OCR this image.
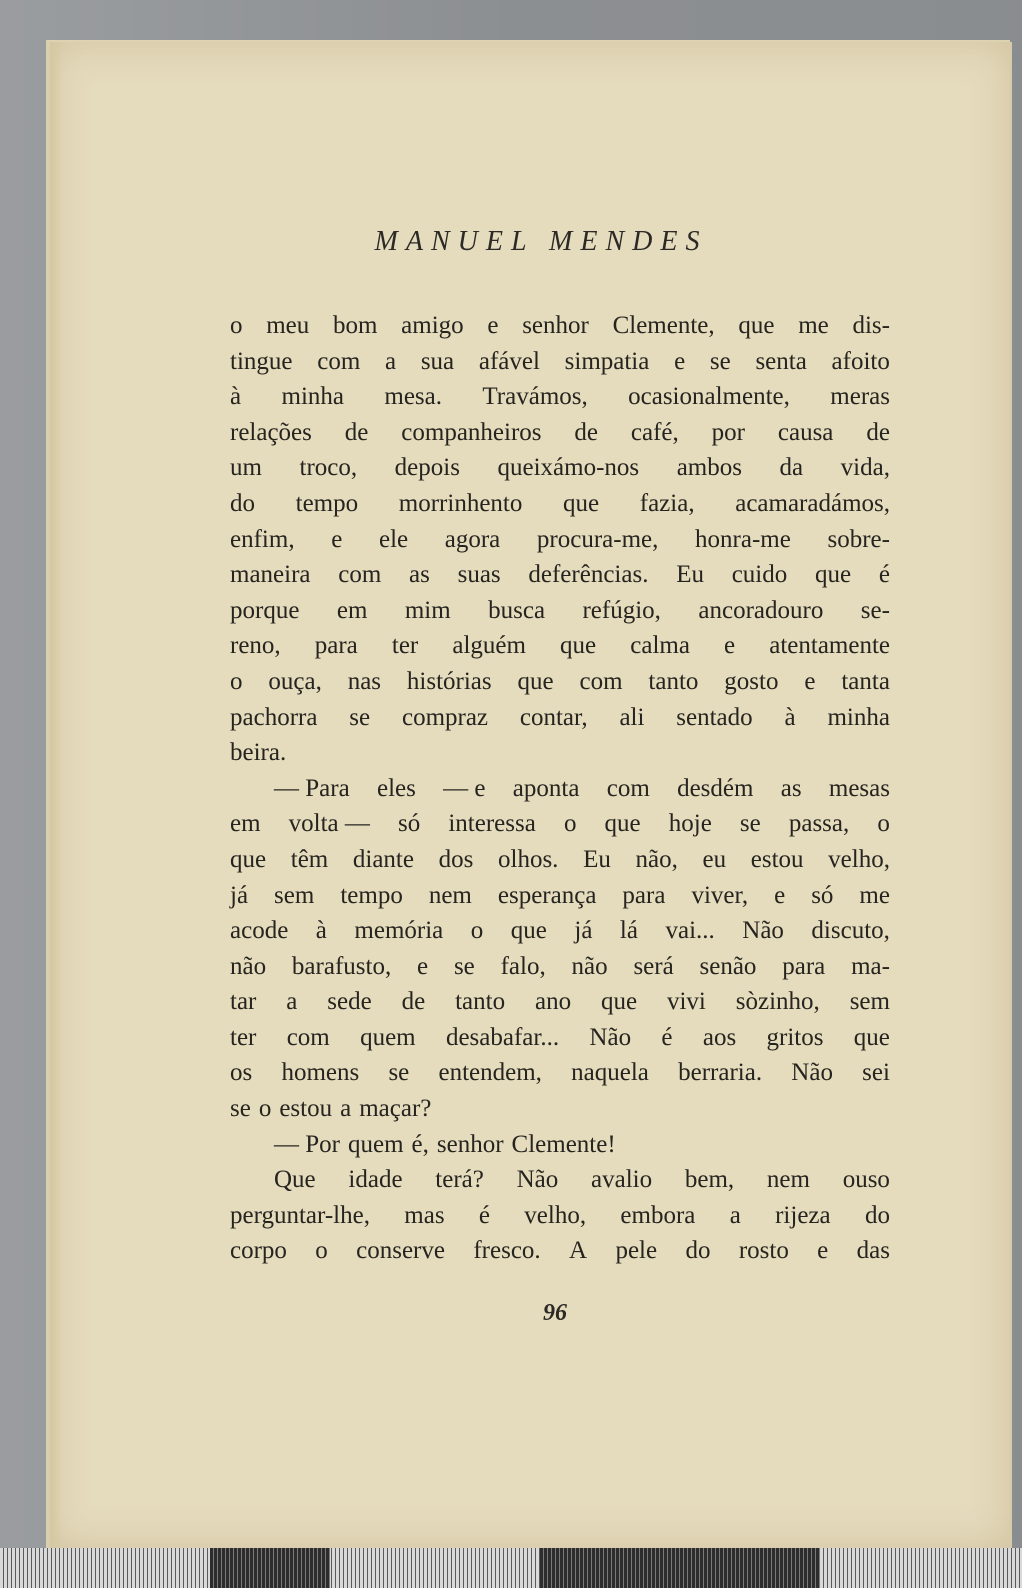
MANUEL MENDES
o meu bom amigo e senhor Clemente, que me dis-
tingue com a sua afável simpatia e se senta afoito
à minha mesa. Travámos, ocasionalmente, meras
relações de companheiros de café, por causa de
um troco, depois queixámo-nos ambos da vida,
do tempo morrinhento que fazia, acamaradámos,
enfim, e ele agora procura-me, honra-me sobre-
maneira com as suas deferências. Eu cuido que é
porque em mim busca refúgio, ancoradouro se-
reno, para ter alguém que calma e atentamente
o ouça, nas histórias que com tanto gosto e tanta
pachorra se compraz contar, ali sentado à minha
beira.
— Para eles — e aponta com desdém as mesas
em volta — só interessa o que hoje se passa, o
que têm diante dos olhos. Eu não, eu estou velho,
já sem tempo nem esperança para viver, e só me
acode à memória o que já lá vai... Não discuto,
não barafusto, e se falo, não será senão para ma-
tar a sede de tanto ano que vivi sòzinho, sem
ter com quem desabafar... Não é aos gritos que
os homens se entendem, naquela berraria. Não sei
se o estou a maçar?
— Por quem é, senhor Clemente!
Que idade terá? Não avalio bem, nem ouso
perguntar-lhe, mas é velho, embora a rijeza do
corpo o conserve fresco. A pele do rosto e das
96
